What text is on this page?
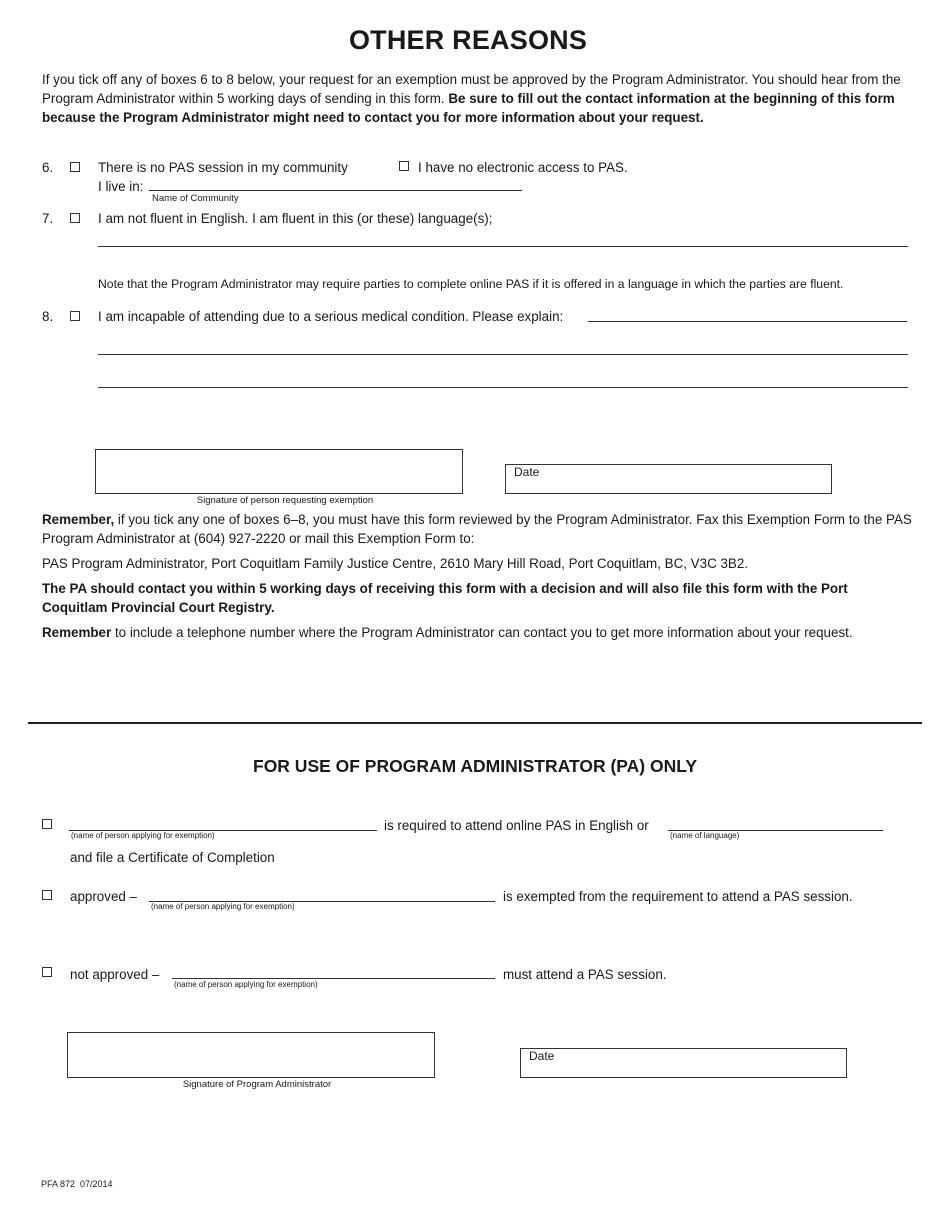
OTHER REASONS
If you tick off any of boxes 6 to 8 below, your request for an exemption must be approved by the Program Administrator. You should hear from the Program Administrator within 5 working days of sending in this form. Be sure to fill out the contact information at the beginning of this form because the Program Administrator might need to contact you for more information about your request.
6.	There is no PAS session in my community	I have no electronic access to PAS.
I live in:
Name of Community
7.	I am not fluent in English. I am fluent in this (or these) language(s);
Note that the Program Administrator may require parties to complete online PAS if it is offered in a language in which the parties are fluent.
8.	I am incapable of attending due to a serious medical condition. Please explain:
Signature of person requesting exemption
Date
Remember, if you tick any one of boxes 6–8, you must have this form reviewed by the Program Administrator. Fax this Exemption Form to the PAS Program Administrator at (604) 927-2220 or mail this Exemption Form to:
PAS Program Administrator, Port Coquitlam Family Justice Centre, 2610 Mary Hill Road, Port Coquitlam, BC, V3C 3B2.
The PA should contact you within 5 working days of receiving this form with a decision and will also file this form with the Port Coquitlam Provincial Court Registry.
Remember to include a telephone number where the Program Administrator can contact you to get more information about your request.
FOR USE OF PROGRAM ADMINISTRATOR (PA) ONLY
(name of person applying for exemption)
is required to attend online PAS in English or
(name of language)
and file a Certificate of Completion
approved –
(name of person applying for exemption)
is exempted from the requirement to attend a PAS session.
not approved –
(name of person applying for exemption)
must attend a PAS session.
Signature of Program Administrator
Date
PFA 872  07/2014
